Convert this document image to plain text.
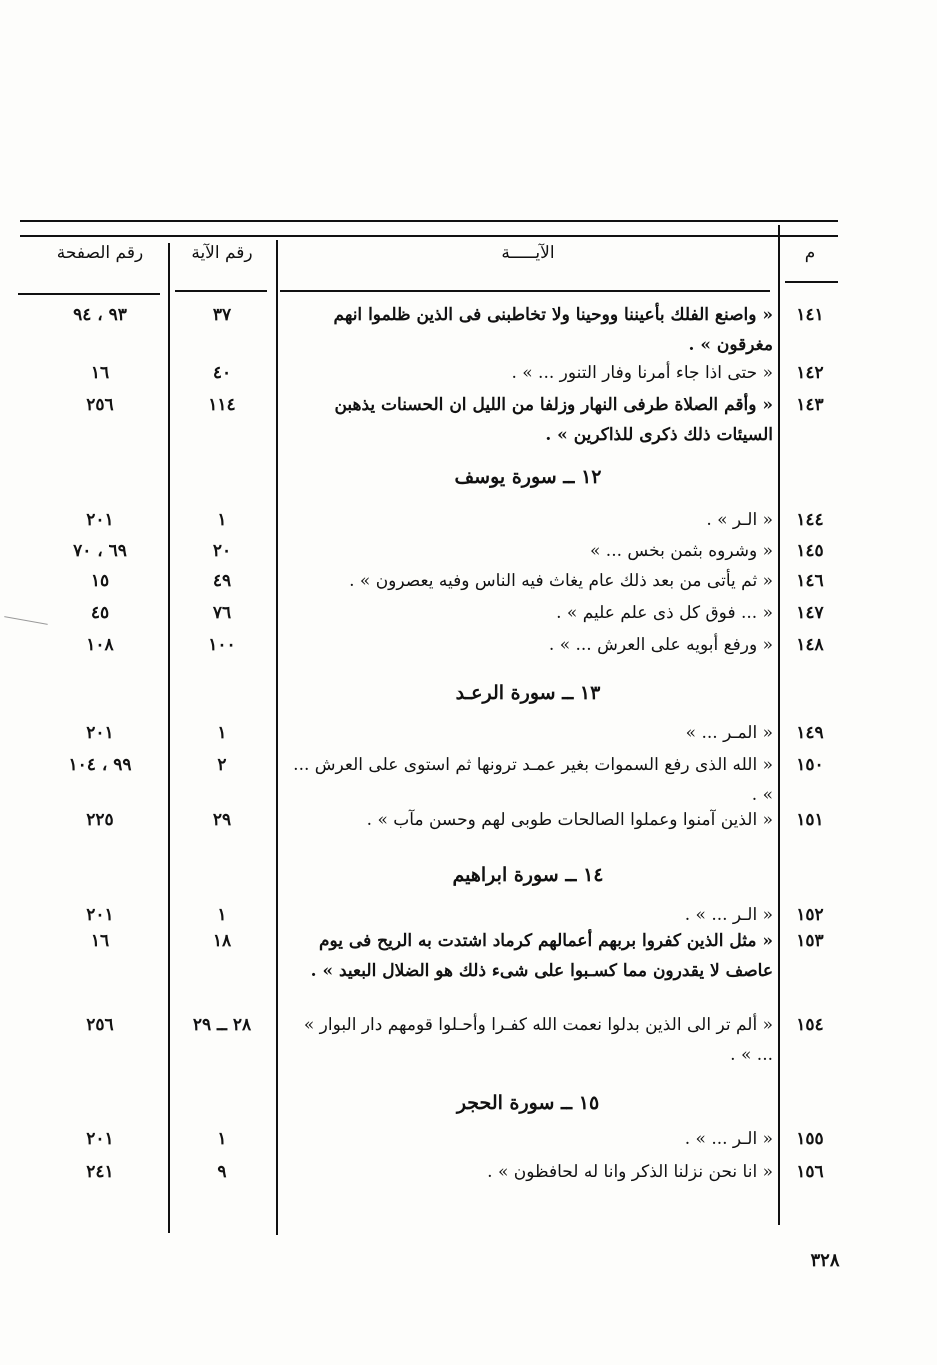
م
الآيـــــة
رقم الآية
رقم الصفحة
١٤١
« واصنع الفلك بأعيننا ووحينا ولا تخاطبنى فى الذين ظلموا انهم مغرقون » .
٣٧
٩٣ ، ٩٤
١٤٢
« حتى اذا جاء أمرنا وفار التنور ... » .
٤٠
١٦
١٤٣
« وأقم الصلاة طرفى النهار وزلفا من الليل ان الحسنات يذهبن السيئات ذلك ذكرى للذاكرين » .
١١٤
٢٥٦
١٢ ــ سورة يوسف
١٤٤
« الـر » .
١
٢٠١
١٤٥
« وشروه بثمن بخس ... »
٢٠
٦٩ ، ٧٠
١٤٦
« ثم يأتى من بعد ذلك عام يغاث فيه الناس وفيه يعصرون » .
٤٩
١٥
١٤٧
« ... فوق كل ذى علم عليم » .
٧٦
٤٥
١٤٨
« ورفع أبويه على العرش ... » .
١٠٠
١٠٨
١٣ ــ سورة الرعـد
١٤٩
« المـر ... »
١
٢٠١
١٥٠
« الله الذى رفع السموات بغير عمـد ترونها ثم استوى على العرش ... » .
٢
٩٩ ، ١٠٤
١٥١
« الذين آمنوا وعملوا الصالحات طوبى لهم وحسن مآب » .
٢٩
٢٢٥
١٤ ــ سورة ابراهيم
١٥٢
« الـر ... » .
١
٢٠١
١٥٣
« مثل الذين كفروا بربهم أعمالهم كرماد اشتدت به الريح فى يوم عاصف لا يقدرون مما كسـبوا على شىء ذلك هو الضلال البعيد » .
١٨
١٦
١٥٤
« ألم تر الى الذين بدلوا نعمت الله كفـرا وأحـلوا قومهم دار البوار » ... » .
٢٨ ــ ٢٩
٢٥٦
١٥ ــ سورة الحجر
١٥٥
« الـر ... » .
١
٢٠١
١٥٦
« انا نحن نزلنا الذكر وانا له لحافظون » .
٩
٢٤١
٣٢٨
